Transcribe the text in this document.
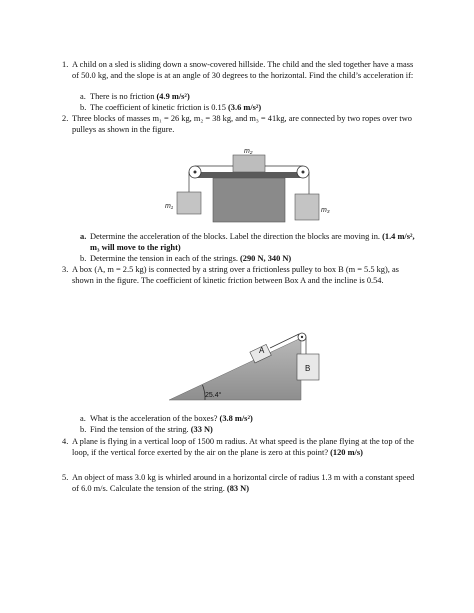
1. A child on a sled is sliding down a snow-covered hillside. The child and the sled together have a mass of 50.0 kg, and the slope is at an angle of 30 degrees to the horizontal. Find the child’s acceleration if:
a. There is no friction (4.9 m/s²)
b. The coefficient of kinetic friction is 0.15 (3.6 m/s²)
2. Three blocks of masses m₁ = 26 kg, m₂ = 38 kg, and m₃ = 41kg, are connected by two ropes over two pulleys as shown in the figure.
m₂
m₁
m₃
a. Determine the acceleration of the blocks. Label the direction the blocks are moving in. (1.4 m/s², m₃ will move to the right)
b. Determine the tension in each of the strings. (290 N, 340 N)
3. A box (A, m = 2.5 kg) is connected by a string over a frictionless pulley to box B (m = 5.5 kg), as shown in the figure. The coefficient of kinetic friction between Box A and the incline is 0.54.
25.4°
A
B
a. What is the acceleration of the boxes? (3.8 m/s²)
b. Find the tension of the string. (33 N)
4. A plane is flying in a vertical loop of 1500 m radius. At what speed is the plane flying at the top of the loop, if the vertical force exerted by the air on the plane is zero at this point? (120 m/s)
5. An object of mass 3.0 kg is whirled around in a horizontal circle of radius 1.3 m with a constant speed of 6.0 m/s. Calculate the tension of the string. (83 N)
